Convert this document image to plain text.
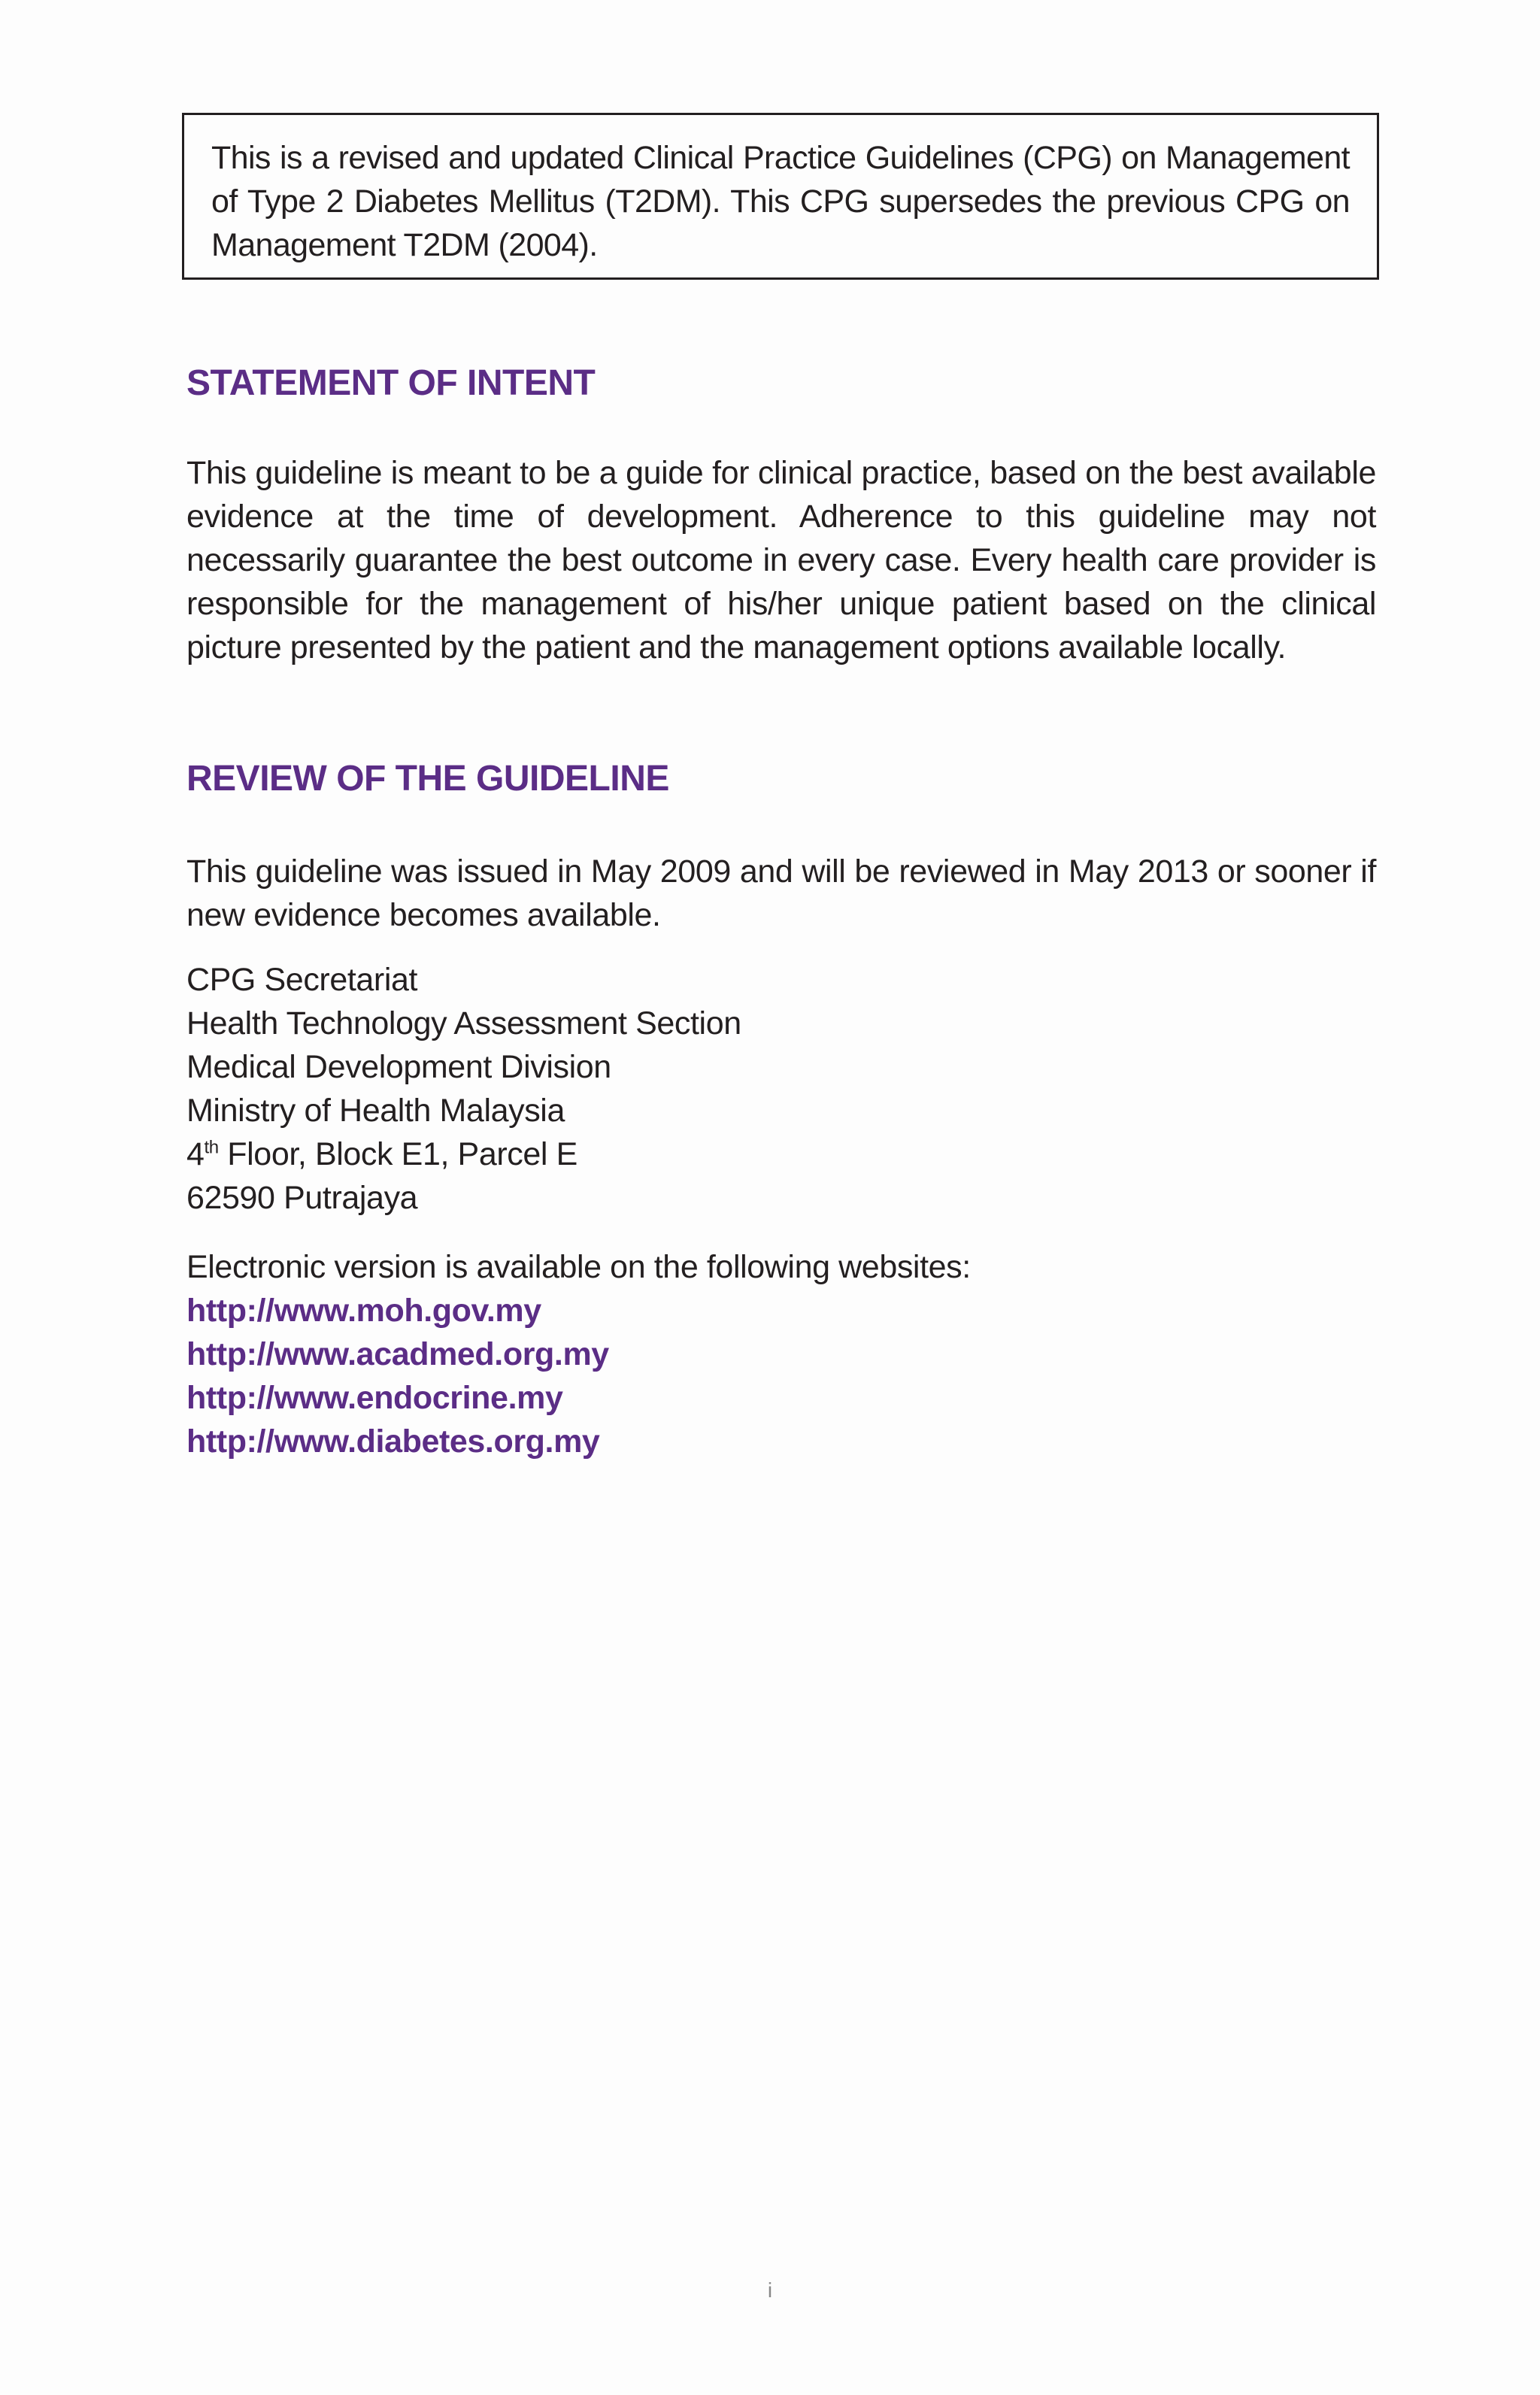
This is a revised and updated Clinical Practice Guidelines (CPG) on Management of Type 2 Diabetes Mellitus (T2DM). This CPG supersedes the previous CPG on Management T2DM (2004).

STATEMENT OF INTENT

This guideline is meant to be a guide for clinical practice, based on the best available evidence at the time of development. Adherence to this guideline may not necessarily guarantee the best outcome in every case. Every health care provider is responsible for the management of his/her unique patient based on the clinical picture presented by the patient and the management options available locally.

REVIEW OF THE GUIDELINE

This guideline was issued in May 2009 and will be reviewed in May 2013 or sooner if new evidence becomes available.

CPG Secretariat
Health Technology Assessment Section
Medical Development Division
Ministry of Health Malaysia
4th Floor, Block E1, Parcel E
62590 Putrajaya
Electronic version is available on the following websites:
http://www.moh.gov.my
http://www.acadmed.org.my
http://www.endocrine.my
http://www.diabetes.org.my

i
